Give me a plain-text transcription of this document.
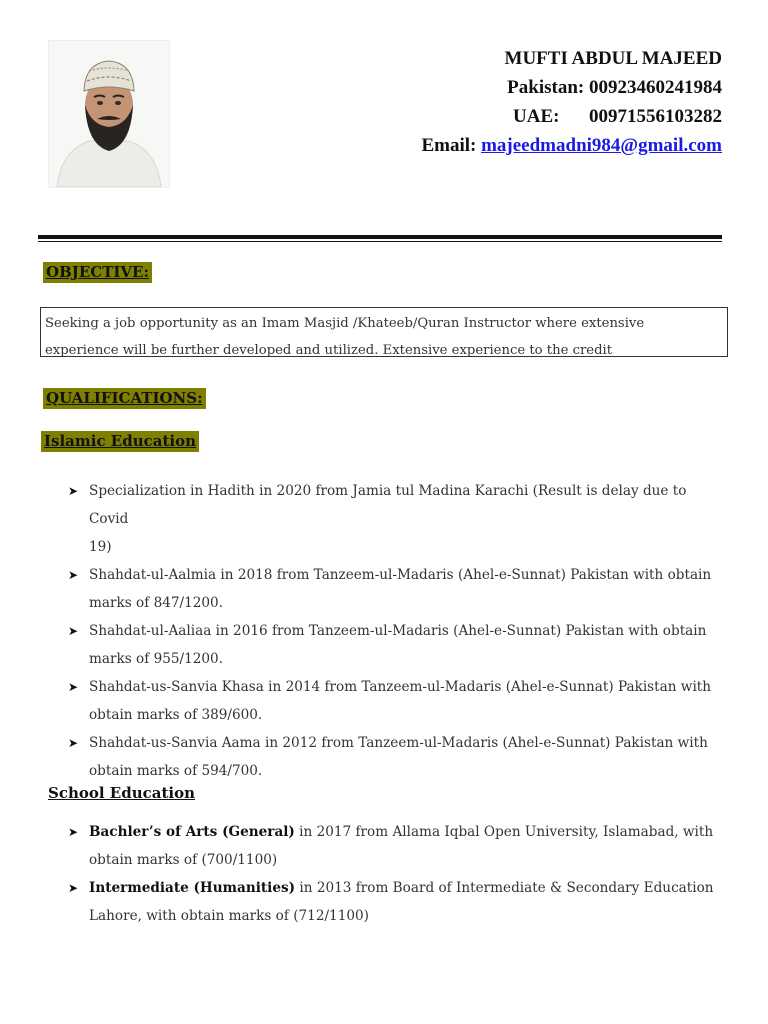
MUFTI ABDUL MAJEED
Pakistan: 00923460241984
UAE: 00971556103282
Email: majeedmadni984@gmail.com
OBJECTIVE:
Seeking a job opportunity as an Imam Masjid /Khateeb/Quran Instructor where extensive
experience will be further developed and utilized. Extensive experience to the credit
QUALIFICATIONS:
Islamic Education
➤ Specialization in Hadith in 2020 from Jamia tul Madina Karachi (Result is delay due to Covid
19)
➤ Shahdat-ul-Aalmia in 2018 from Tanzeem-ul-Madaris (Ahel-e-Sunnat) Pakistan with obtain
marks of 847/1200.
➤ Shahdat-ul-Aaliaa in 2016 from Tanzeem-ul-Madaris (Ahel-e-Sunnat) Pakistan with obtain
marks of 955/1200.
➤ Shahdat-us-Sanvia Khasa in 2014 from Tanzeem-ul-Madaris (Ahel-e-Sunnat) Pakistan with
obtain marks of 389/600.
➤ Shahdat-us-Sanvia Aama in 2012 from Tanzeem-ul-Madaris (Ahel-e-Sunnat) Pakistan with
obtain marks of 594/700.
School Education
➤ Bachler’s of Arts (General) in 2017 from Allama Iqbal Open University, Islamabad, with
obtain marks of (700/1100)
➤ Intermediate (Humanities) in 2013 from Board of Intermediate & Secondary Education
Lahore, with obtain marks of (712/1100)
